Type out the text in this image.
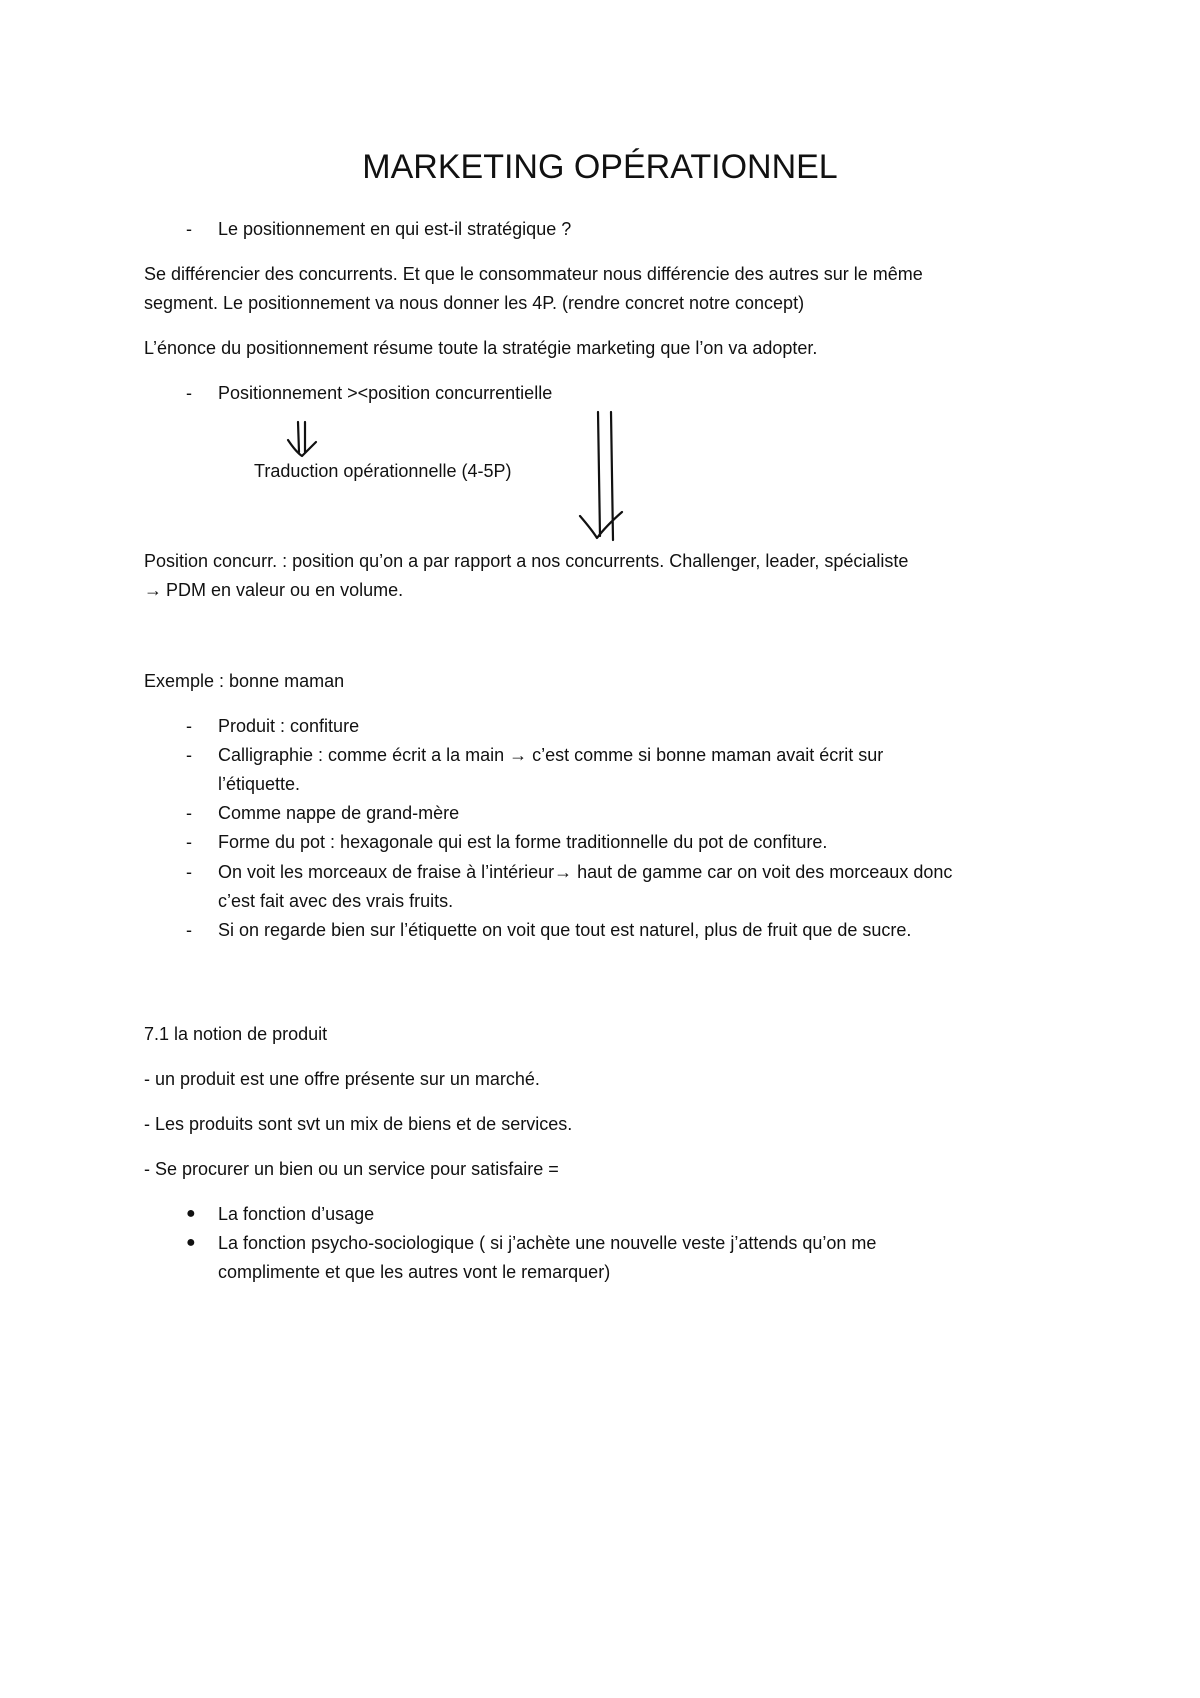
MARKETING OPÉRATIONNEL
- Le positionnement en qui est-il stratégique ?
Se différencier des concurrents. Et que le consommateur nous différencie des autres sur le même
segment. Le positionnement va nous donner les 4P. (rendre concret notre concept)
L’énonce du positionnement résume toute la stratégie marketing que l’on va adopter.
- Positionnement ><position concurrentielle
Traduction opérationnelle (4-5P)
Position concurr. : position qu’on a par rapport a nos concurrents. Challenger, leader, spécialiste
→ PDM en valeur ou en volume.
Exemple : bonne maman
- Produit : confiture
- Calligraphie : comme écrit a la main → c’est comme si bonne maman avait écrit sur
l’étiquette.
- Comme nappe de grand-mère
- Forme du pot : hexagonale qui est la forme traditionnelle du pot de confiture.
- On voit les morceaux de fraise à l’intérieur→ haut de gamme car on voit des morceaux donc
c’est fait avec des vrais fruits.
- Si on regarde bien sur l’étiquette on voit que tout est naturel, plus de fruit que de sucre.
7.1 la notion de produit
- un produit est une offre présente sur un marché.
- Les produits sont svt un mix de biens et de services.
- Se procurer un bien ou un service pour satisfaire =
● La fonction d’usage
● La fonction psycho-sociologique ( si j’achète une nouvelle veste j’attends qu’on me
complimente et que les autres vont le remarquer)
